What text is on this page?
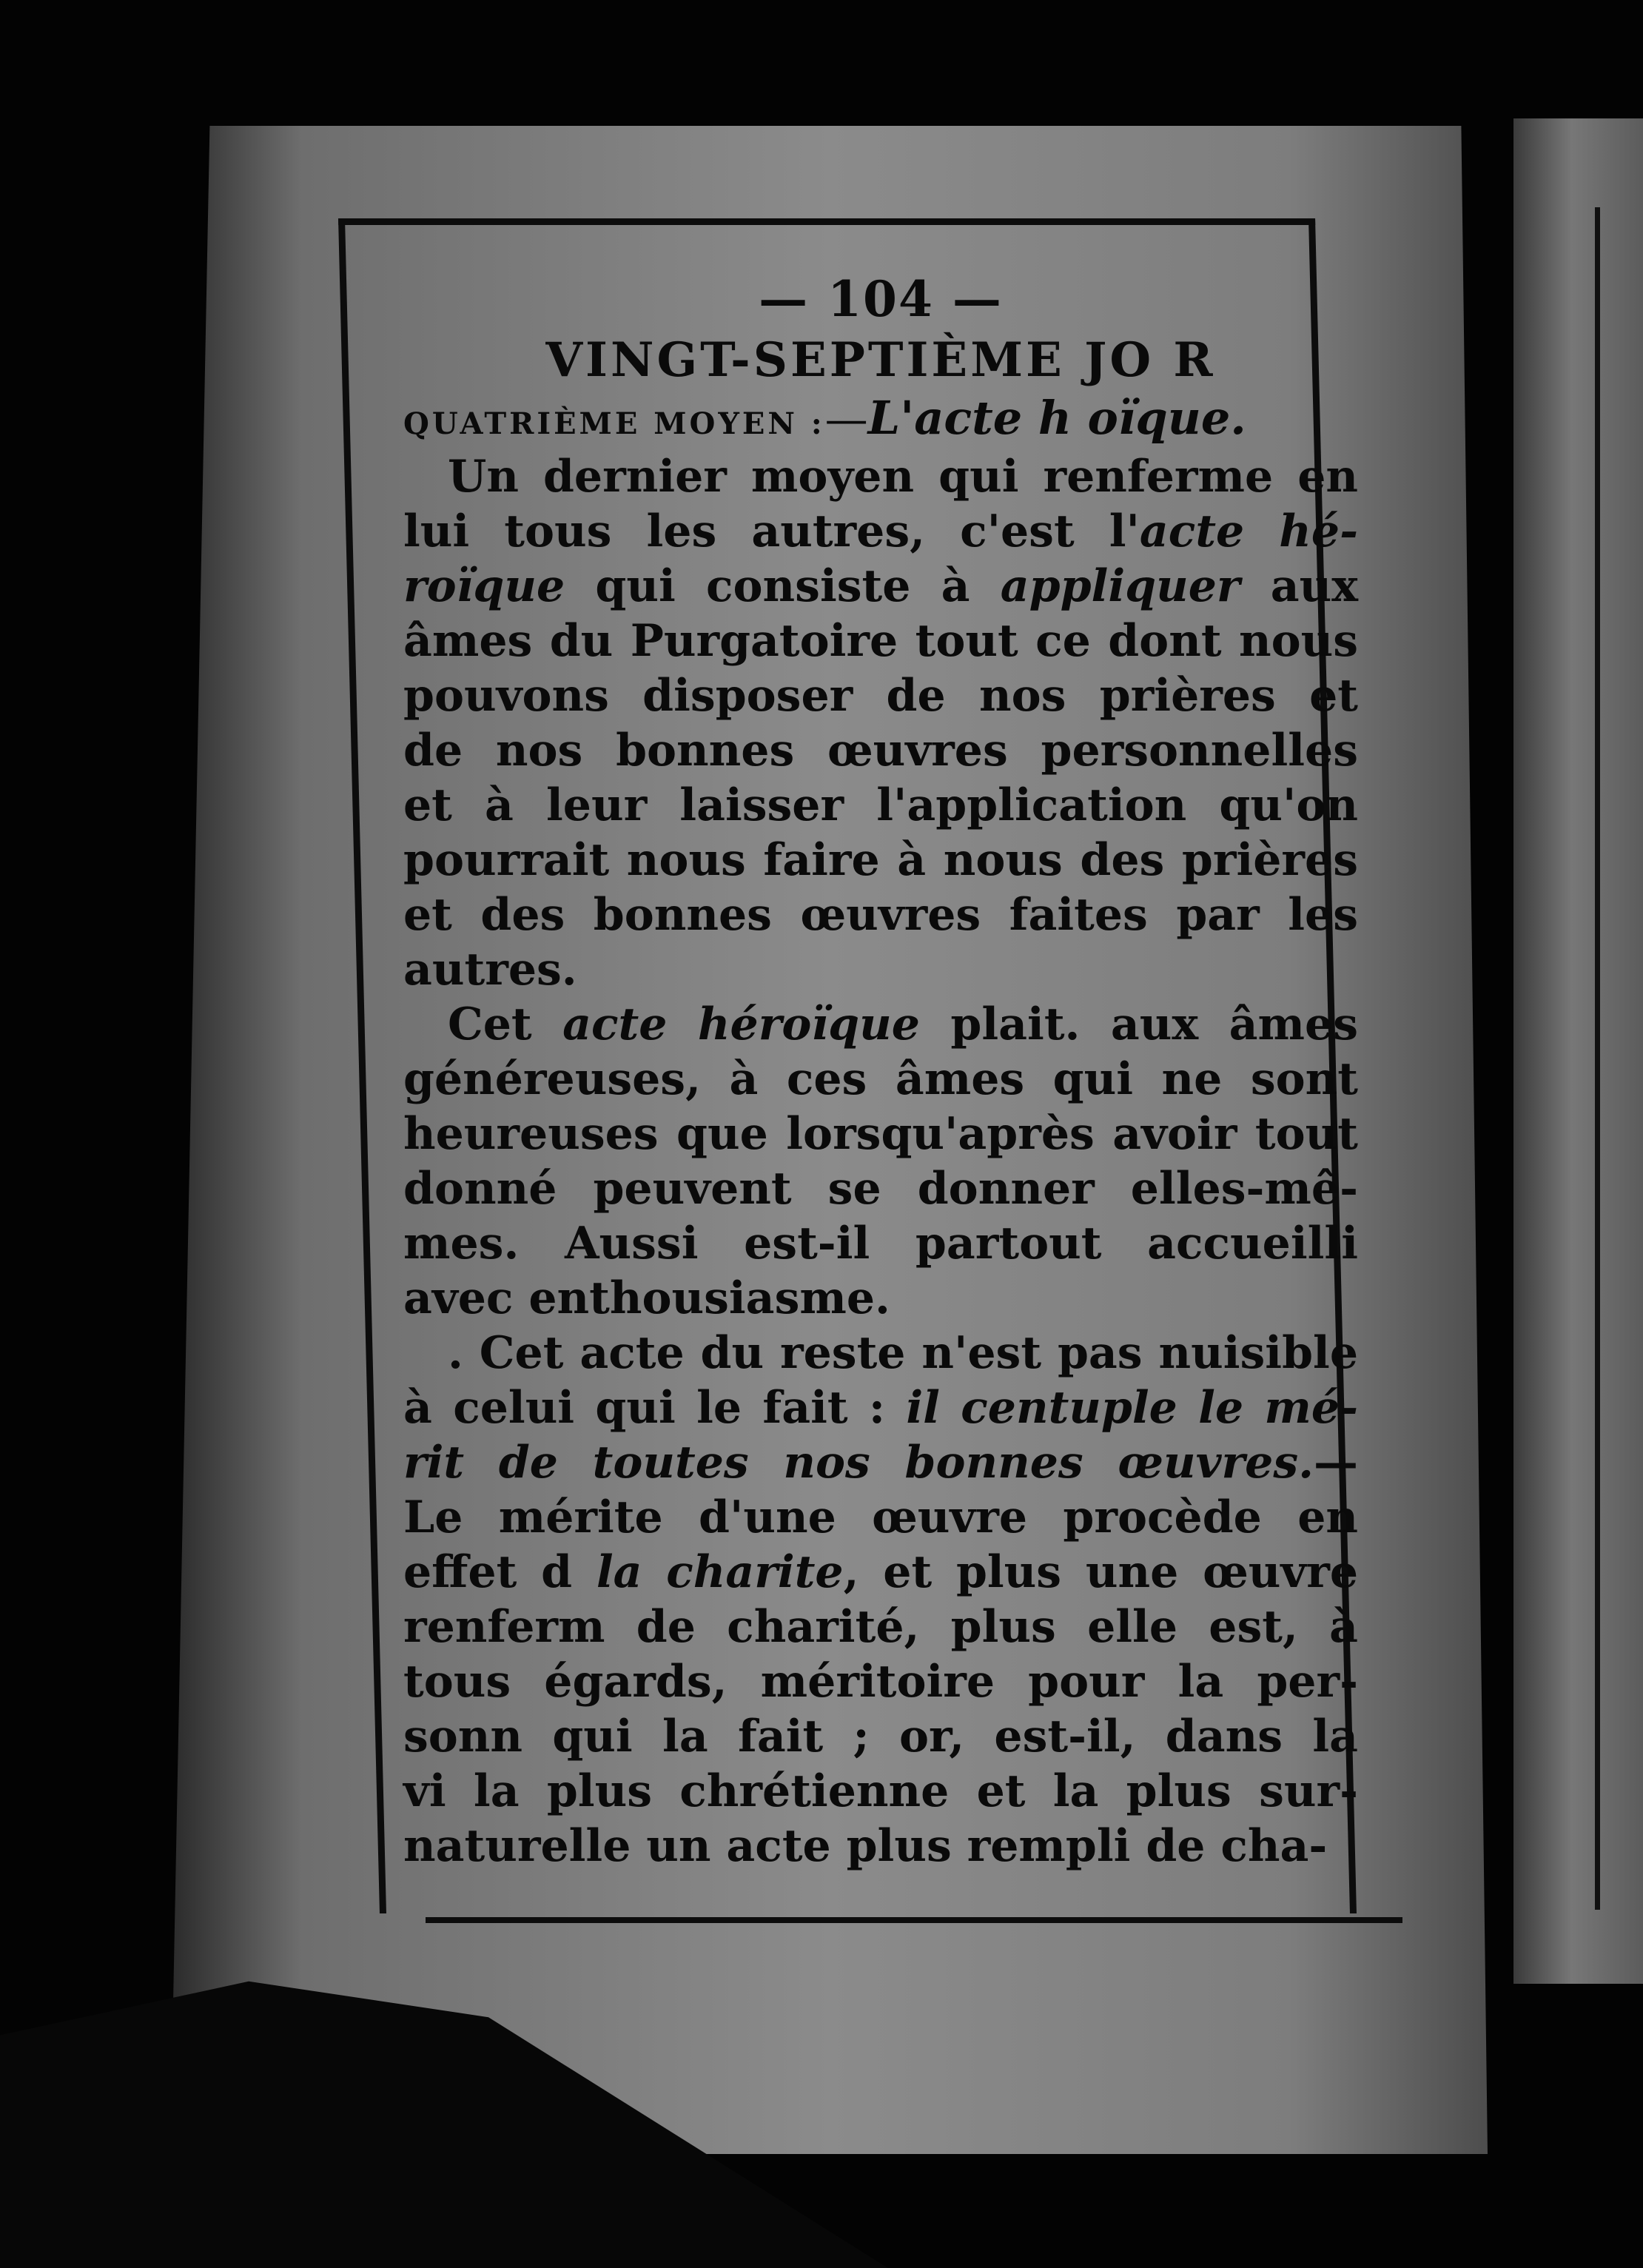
— 104 —
VINGT-SEPTIÈME JO R
QUATRIÈME MOYEN :—L'acte h oïque.
Un dernier moyen qui renferme en
lui tous les autres, c'est l'acte hé-
roïque qui consiste à appliquer aux
âmes du Purgatoire tout ce dont nous
pouvons disposer de nos prières et
de nos bonnes œuvres personnelles
et à leur laisser l'application qu'on
pourrait nous faire à nous des prières
et des bonnes œuvres faites par les
autres.
Cet acte héroïque plait. aux âmes
généreuses, à ces âmes qui ne sont
heureuses que lorsqu'après avoir tout
donné peuvent se donner elles-mê-
mes. Aussi est-il partout accueilli
avec enthousiasme.
. Cet acte du reste n'est pas nuisible
à celui qui le fait : il centuple le mé-
rit de toutes nos bonnes œuvres.—
Le mérite d'une œuvre procède en
effet d la charite, et plus une œuvre
renferm de charité, plus elle est, à
tous égards, méritoire pour la per-
sonn qui la fait ; or, est-il, dans la
vi la plus chrétienne et la plus sur-
naturelle un acte plus rempli de cha-
